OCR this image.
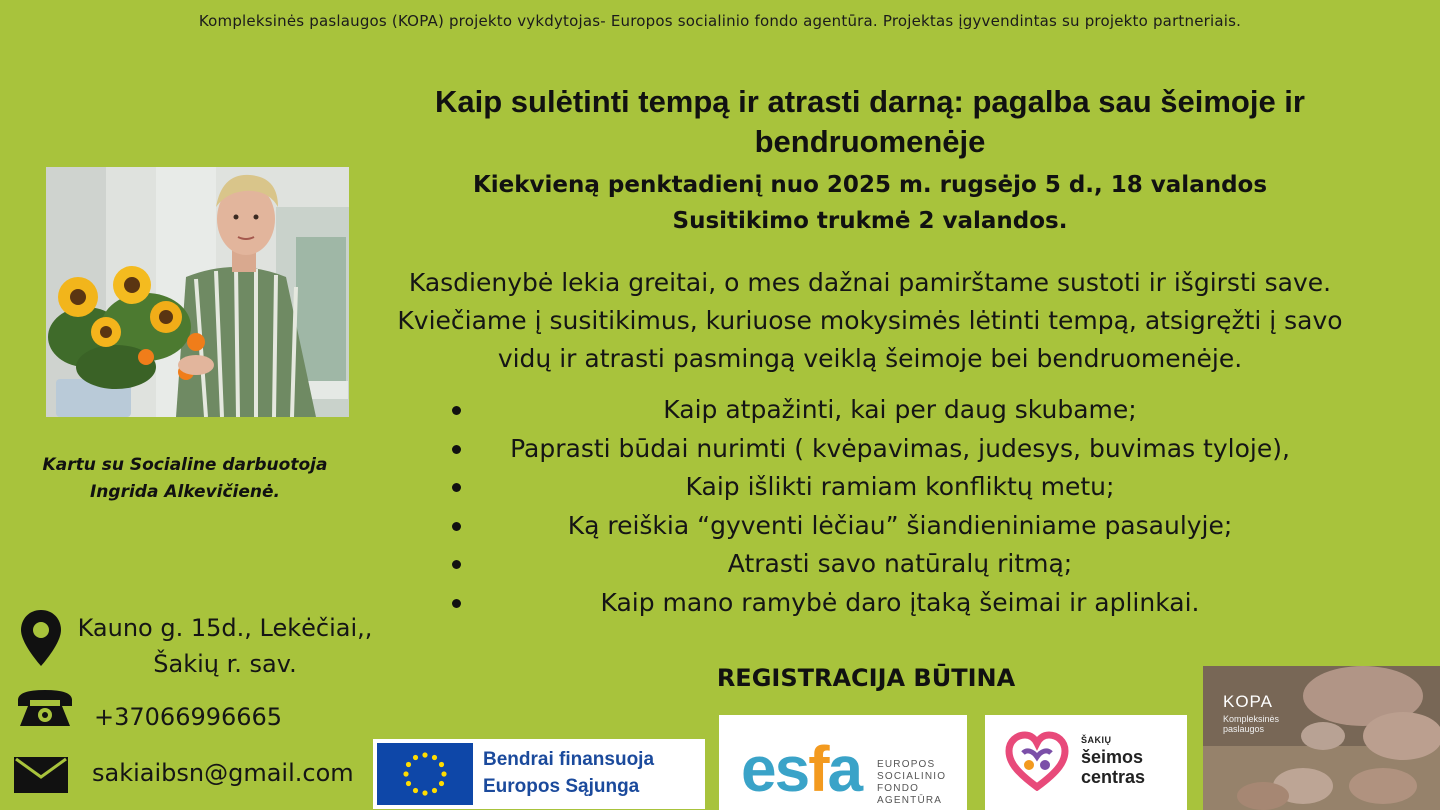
Kompleksinės paslaugos (KOPA) projekto vykdytojas- Europos socialinio fondo agentūra. Projektas įgyvendintas su projekto partneriais.
Kaip sulėtinti tempą ir atrasti darną: pagalba sau šeimoje ir
bendruomenėje
Kiekvieną penktadienį nuo 2025 m. rugsėjo 5 d., 18 valandos
Susitikimo trukmė 2 valandos.
Kasdienybė lekia greitai, o mes dažnai pamirštame sustoti ir išgirsti save.
Kviečiame į susitikimus, kuriuose mokysimės lėtinti tempą, atsigręžti į savo
vidų ir atrasti pasmingą veiklą šeimoje bei bendruomenėje.
Kaip atpažinti, kai per daug skubame;
Paprasti būdai nurimti ( kvėpavimas, judesys, buvimas tyloje),
Kaip išlikti ramiam konfliktų metu;
Ką reiškia “gyventi lėčiau” šiandieniniame pasaulyje;
Atrasti savo natūralų ritmą;
Kaip mano ramybė daro įtaką šeimai ir aplinkai.
Kartu su Socialine darbuotoja
Ingrida Alkevičienė.
Kauno g. 15d., Lekėčiai,,
Šakių r. sav.
+37066996665
sakiaibsn@gmail.com
REGISTRACIJA BŪTINA
Bendrai finansuoja
Europos Sąjunga esfa EUROPOS
SOCIALINIO
FONDO
AGENTŪRA
ŠAKIŲ
šeimos
centras
KOPA
Kompleksinės
paslaugos
